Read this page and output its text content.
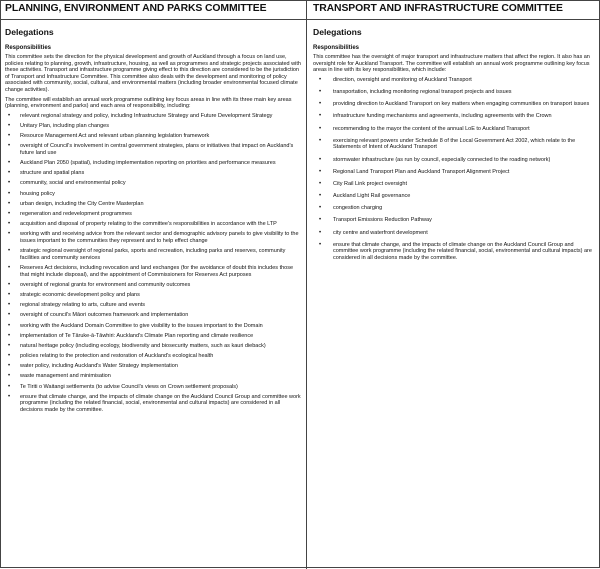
PLANNING, ENVIRONMENT AND PARKS COMMITTEE
Delegations
Responsibilities

This committee sets the direction for the physical development and growth of Auckland through a focus on land use, policies relating to planning, growth, infrastructure, housing, as well as programmes and strategic projects associated with these activities. Transport and infrastructure programme giving effect to this direction are considered to be the jurisdiction of Transport and Infrastructure Committee. This committee also deals with the development and monitoring of policy associated with community, social, cultural, and environmental matters (including broader environmental focused climate change activities).

The committee will establish an annual work programme outlining key focus areas in line with its three main key areas (planning, environment and parks) and each area of responsibility, including:

• relevant regional strategy and policy, including Infrastructure Strategy and Future Development Strategy
• Unitary Plan, including plan changes
• Resource Management Act and relevant urban planning legislation framework
• oversight of Council's involvement in central government strategies, plans or initiatives that impact on Auckland's future land use
• Auckland Plan 2050 (spatial), including implementation reporting on priorities and performance measures
• structure and spatial plans
• community, social and environmental policy
• housing policy
• urban design, including the City Centre Masterplan
• regeneration and redevelopment programmes
• acquisition and disposal of property relating to the committee's responsibilities in accordance with the LTP
• working with and receiving advice from the relevant sector and demographic advisory panels to give visibility to the issues important to the communities they represent and to help effect change
• strategic regional oversight of regional parks, sports and recreation, including parks and reserves, community facilities and community services
• Reserves Act decisions, including revocation and land exchanges (for the avoidance of doubt this includes those that might include disposal), and the appointment of Commissioners for Reserves Act purposes
• oversight of regional grants for environment and community outcomes
• strategic economic development policy and plans
• regional strategy relating to arts, culture and events
• oversight of council's Māori outcomes framework and implementation
• working with the Auckland Domain Committee to give visibility to the issues important to the Domain
• implementation of Te Tāruke-ā-Tāwhiri: Auckland's Climate Plan reporting and climate resilience
• natural heritage policy (including ecology, biodiversity and biosecurity matters, such as kauri dieback)
• policies relating to the protection and restoration of Auckland's ecological health
• water policy, including Auckland's Water Strategy implementation
• waste management and minimisation
• Te Tiriti o Waitangi settlements (to advise Council's views on Crown settlement proposals)
• ensure that climate change, and the impacts of climate change on the Auckland Council Group and committee work programme (including the related financial, social, environmental and cultural impacts) are considered in all decisions made by the committee.
TRANSPORT AND INFRASTRUCTURE COMMITTEE
Delegations
Responsibilities

This committee has the oversight of major transport and infrastructure matters that affect the region. It also has an oversight role for Auckland Transport. The committee will establish an annual work programme outlining key focus areas in line with its key responsibilities, which include:

• direction, oversight and monitoring of Auckland Transport
• transportation, including monitoring regional transport projects and issues
• providing direction to Auckland Transport on key matters when engaging communities on transport issues
• infrastructure funding mechanisms and agreements, including agreements with the Crown
• recommending to the mayor the content of the annual LoE to Auckland Transport
• exercising relevant powers under Schedule 8 of the Local Government Act 2002, which relate to the Statements of Intent of Auckland Transport
• stormwater infrastructure (as run by council, especially connected to the roading network)
• Regional Land Transport Plan and Auckland Transport Alignment Project
• City Rail Link project oversight
• Auckland Light Rail governance
• congestion charging
• Transport Emissions Reduction Pathway
• city centre and waterfront development
• ensure that climate change, and the impacts of climate change on the Auckland Council Group and committee work programme (including the related financial, social, environmental and cultural impacts) are considered in all decisions made by the committee.
